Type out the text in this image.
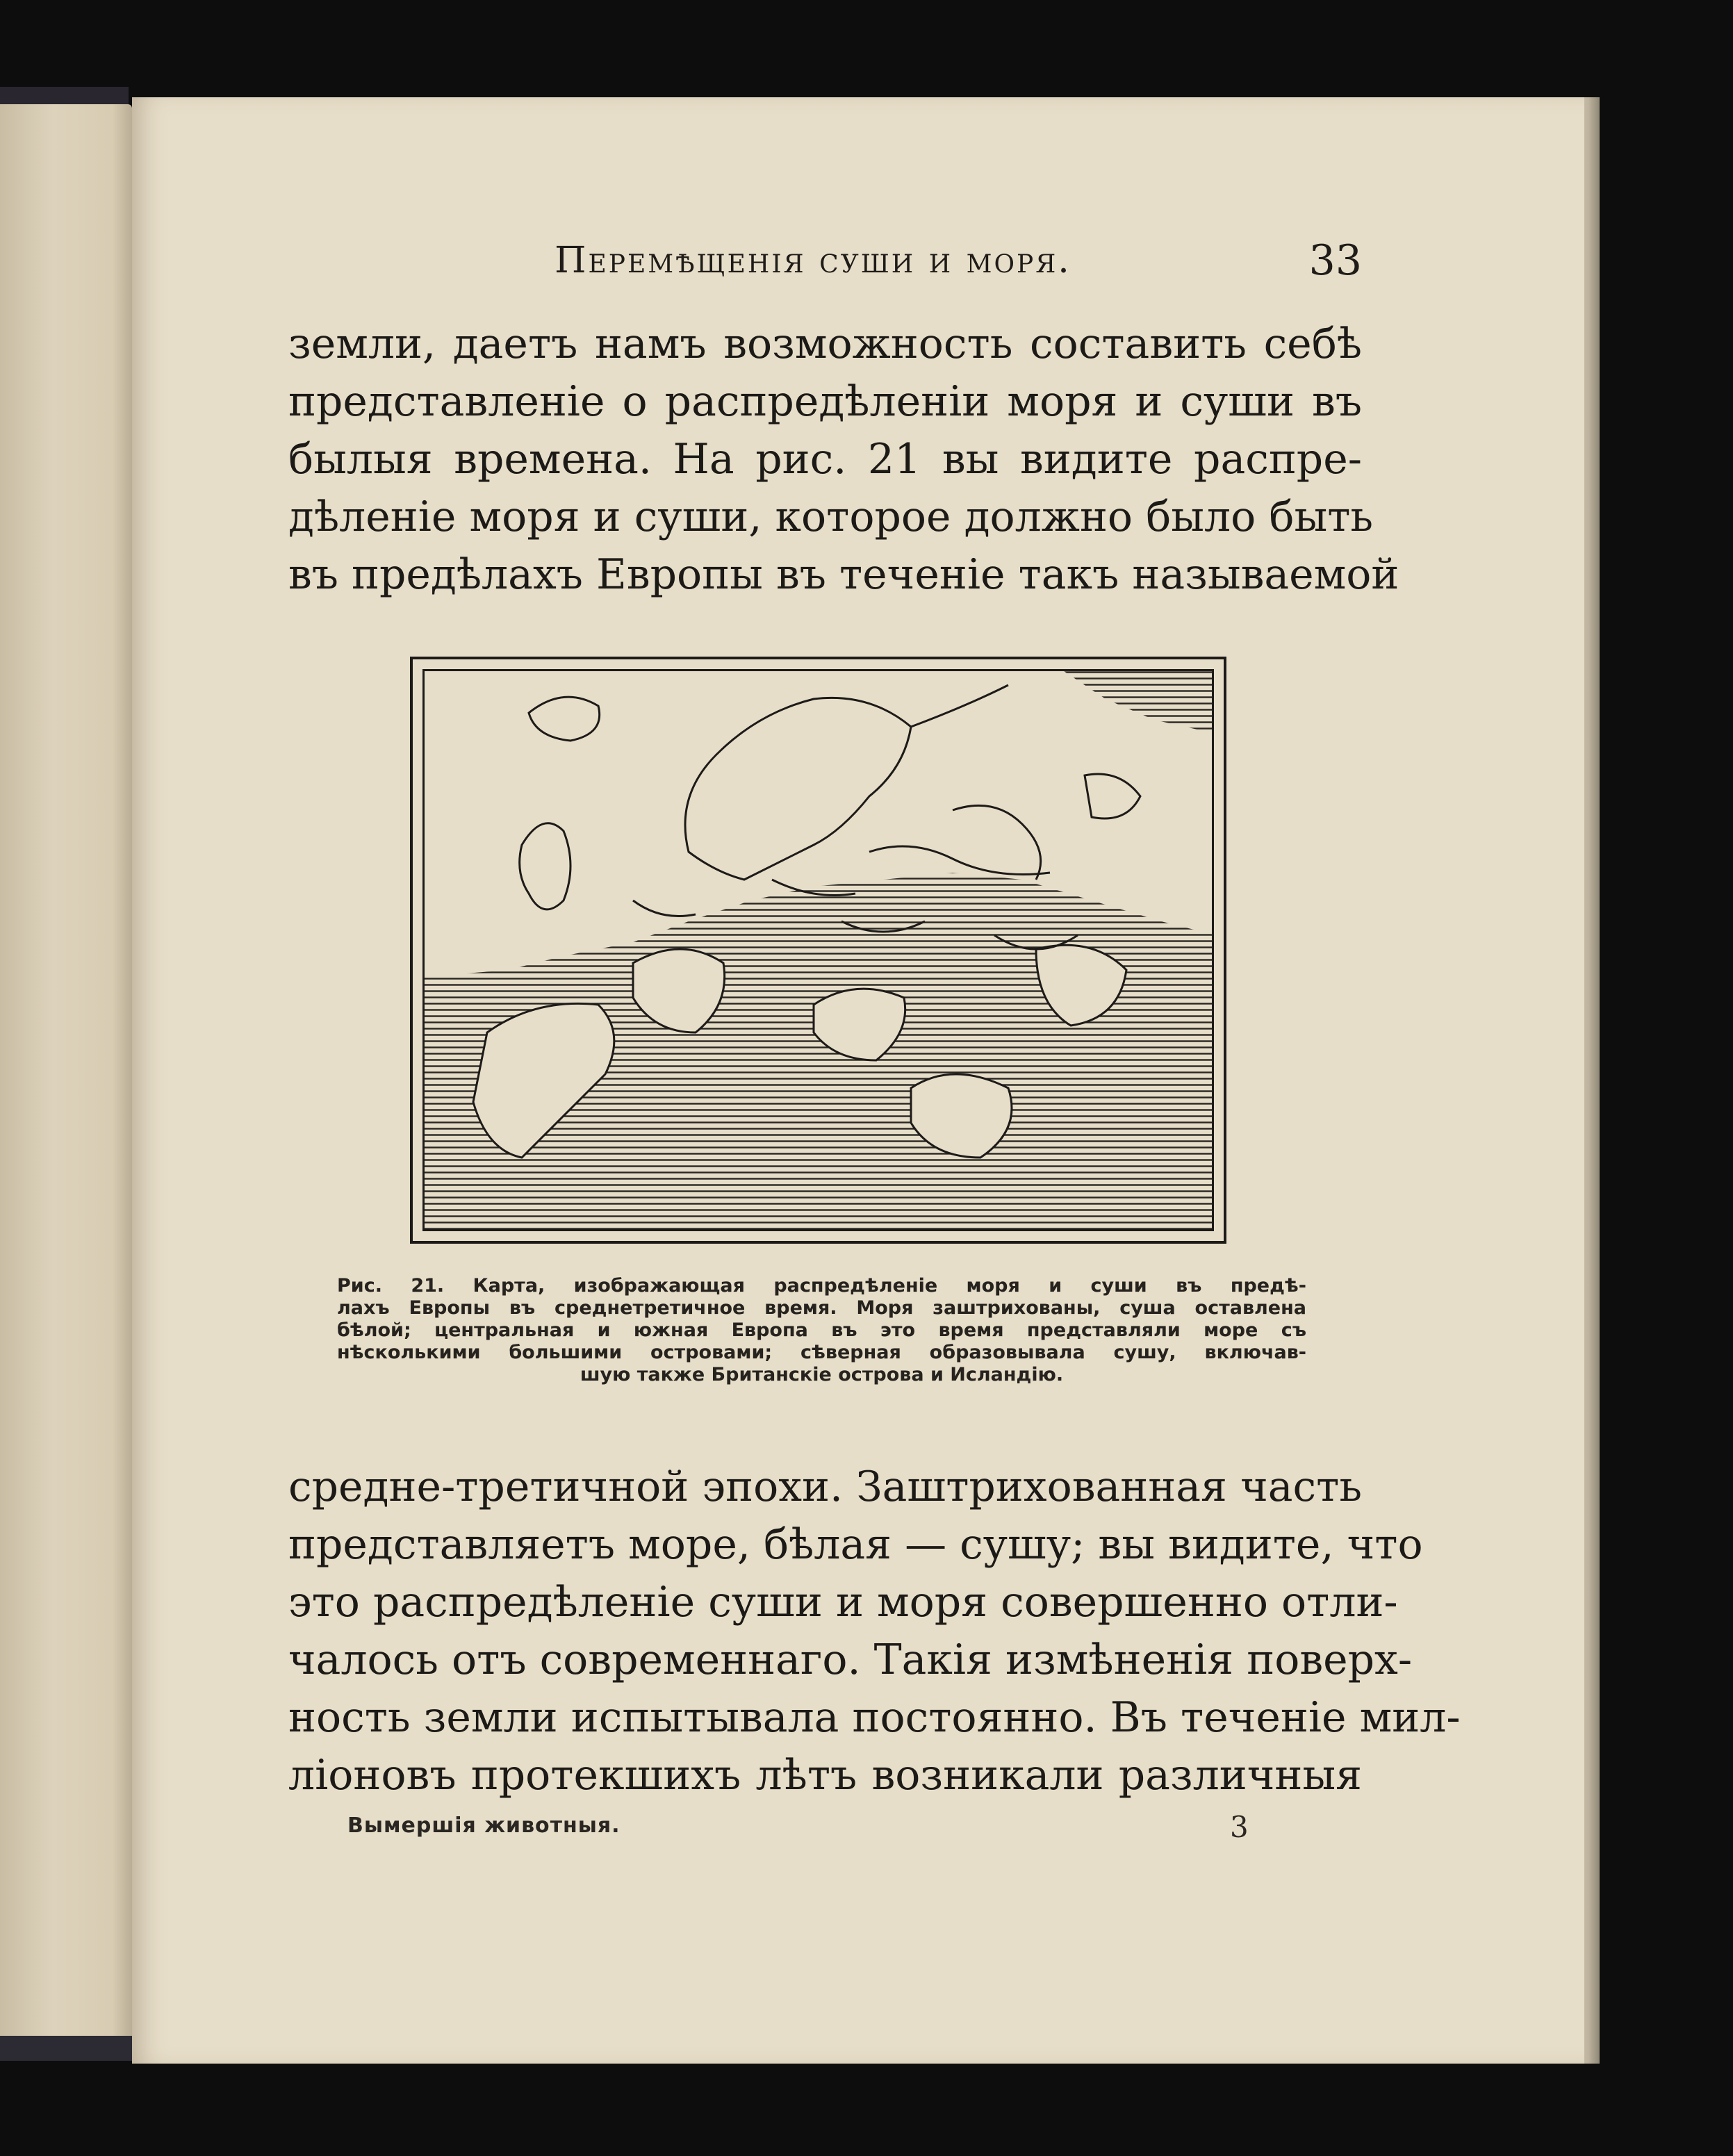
Перемѣщенія суши и моря.	33
земли, даетъ намъ возможность составить себѣ
представленіе о распредѣленіи моря и суши въ
былыя времена. На рис. 21 вы видите распре-
дѣленіе моря и суши, которое должно было быть
въ предѣлахъ Европы въ теченіе такъ называемой
Рис. 21. Карта, изображающая распредѣленіе моря и суши въ предѣ-
лахъ Европы въ среднетретичное время. Моря заштрихованы, суша оставлена
бѣлой; центральная и южная Европа въ это время представляли море съ
нѣсколькими большими островами; сѣверная образовывала сушу, включав-
шую также Британскіе острова и Исландію.
средне-третичной эпохи. Заштрихованная часть
представляетъ море, бѣлая — сушу; вы видите, что
это распредѣленіе суши и моря совершенно отли-
чалось отъ современнаго. Такія измѣненія поверх-
ность земли испытывала постоянно. Въ теченіе мил-
ліоновъ протекшихъ лѣтъ возникали различныя
Вымершія животныя.	3
